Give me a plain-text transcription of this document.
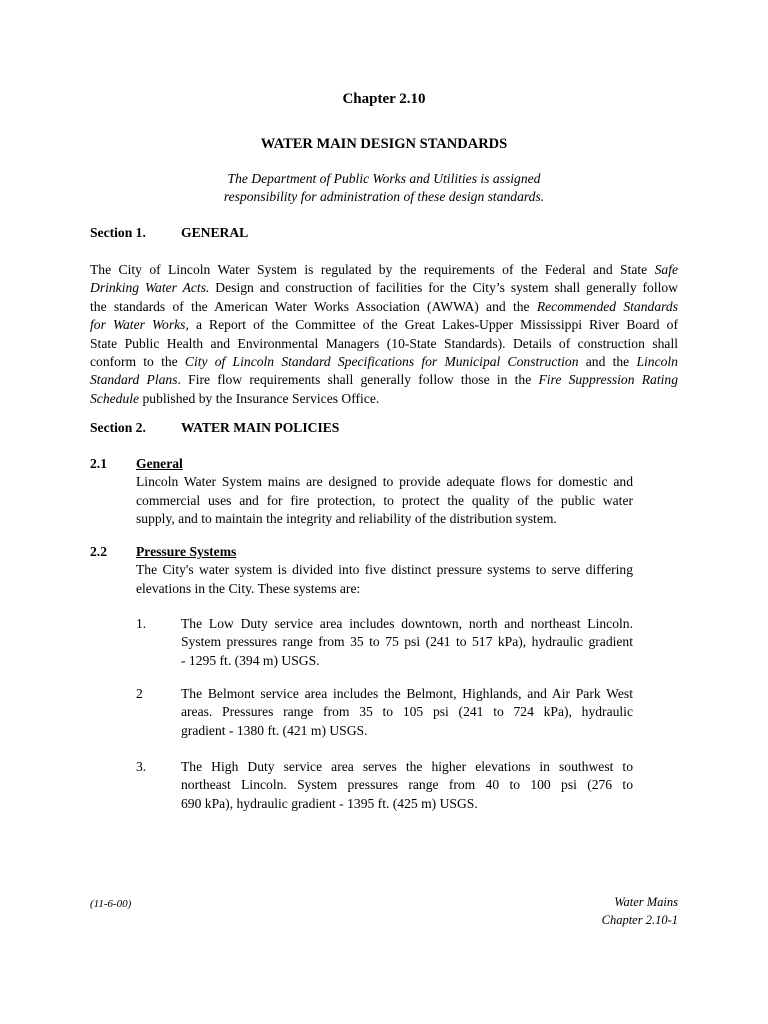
Chapter 2.10
WATER MAIN DESIGN STANDARDS
The Department of Public Works and Utilities is assigned
responsibility for administration of these design standards.
Section 1.	GENERAL
The City of Lincoln Water System is regulated by the requirements of the Federal and State Safe
Drinking Water Acts. Design and construction of facilities for the City’s system shall generally follow
the standards of the American Water Works Association (AWWA) and the Recommended Standards
for Water Works, a Report of the Committee of the Great Lakes-Upper Mississippi River Board of
State Public Health and Environmental Managers (10-State Standards). Details of construction shall
conform to the City of Lincoln Standard Specifications for Municipal Construction and the Lincoln
Standard Plans. Fire flow requirements shall generally follow those in the Fire Suppression Rating
Schedule published by the Insurance Services Office.
Section 2.	WATER MAIN POLICIES
2.1 General
Lincoln Water System mains are designed to provide adequate flows for domestic and
commercial uses and for fire protection, to protect the quality of the public water
supply, and to maintain the integrity and reliability of the distribution system.
2.2 Pressure Systems
The City's water system is divided into five distinct pressure systems to serve differing
elevations in the City. These systems are:
1.	The Low Duty service area includes downtown, north and northeast Lincoln.
System pressures range from 35 to 75 psi (241 to 517 kPa), hydraulic gradient
- 1295 ft. (394 m) USGS.
2	The Belmont service area includes the Belmont, Highlands, and Air Park West
areas. Pressures range from 35 to 105 psi (241 to 724 kPa), hydraulic
gradient - 1380 ft. (421 m) USGS.
3.	The High Duty service area serves the higher elevations in southwest to
northeast Lincoln. System pressures range from 40 to 100 psi (276 to
690 kPa), hydraulic gradient - 1395 ft. (425 m) USGS.
(11-6-00)	Water Mains
Chapter 2.10-1
